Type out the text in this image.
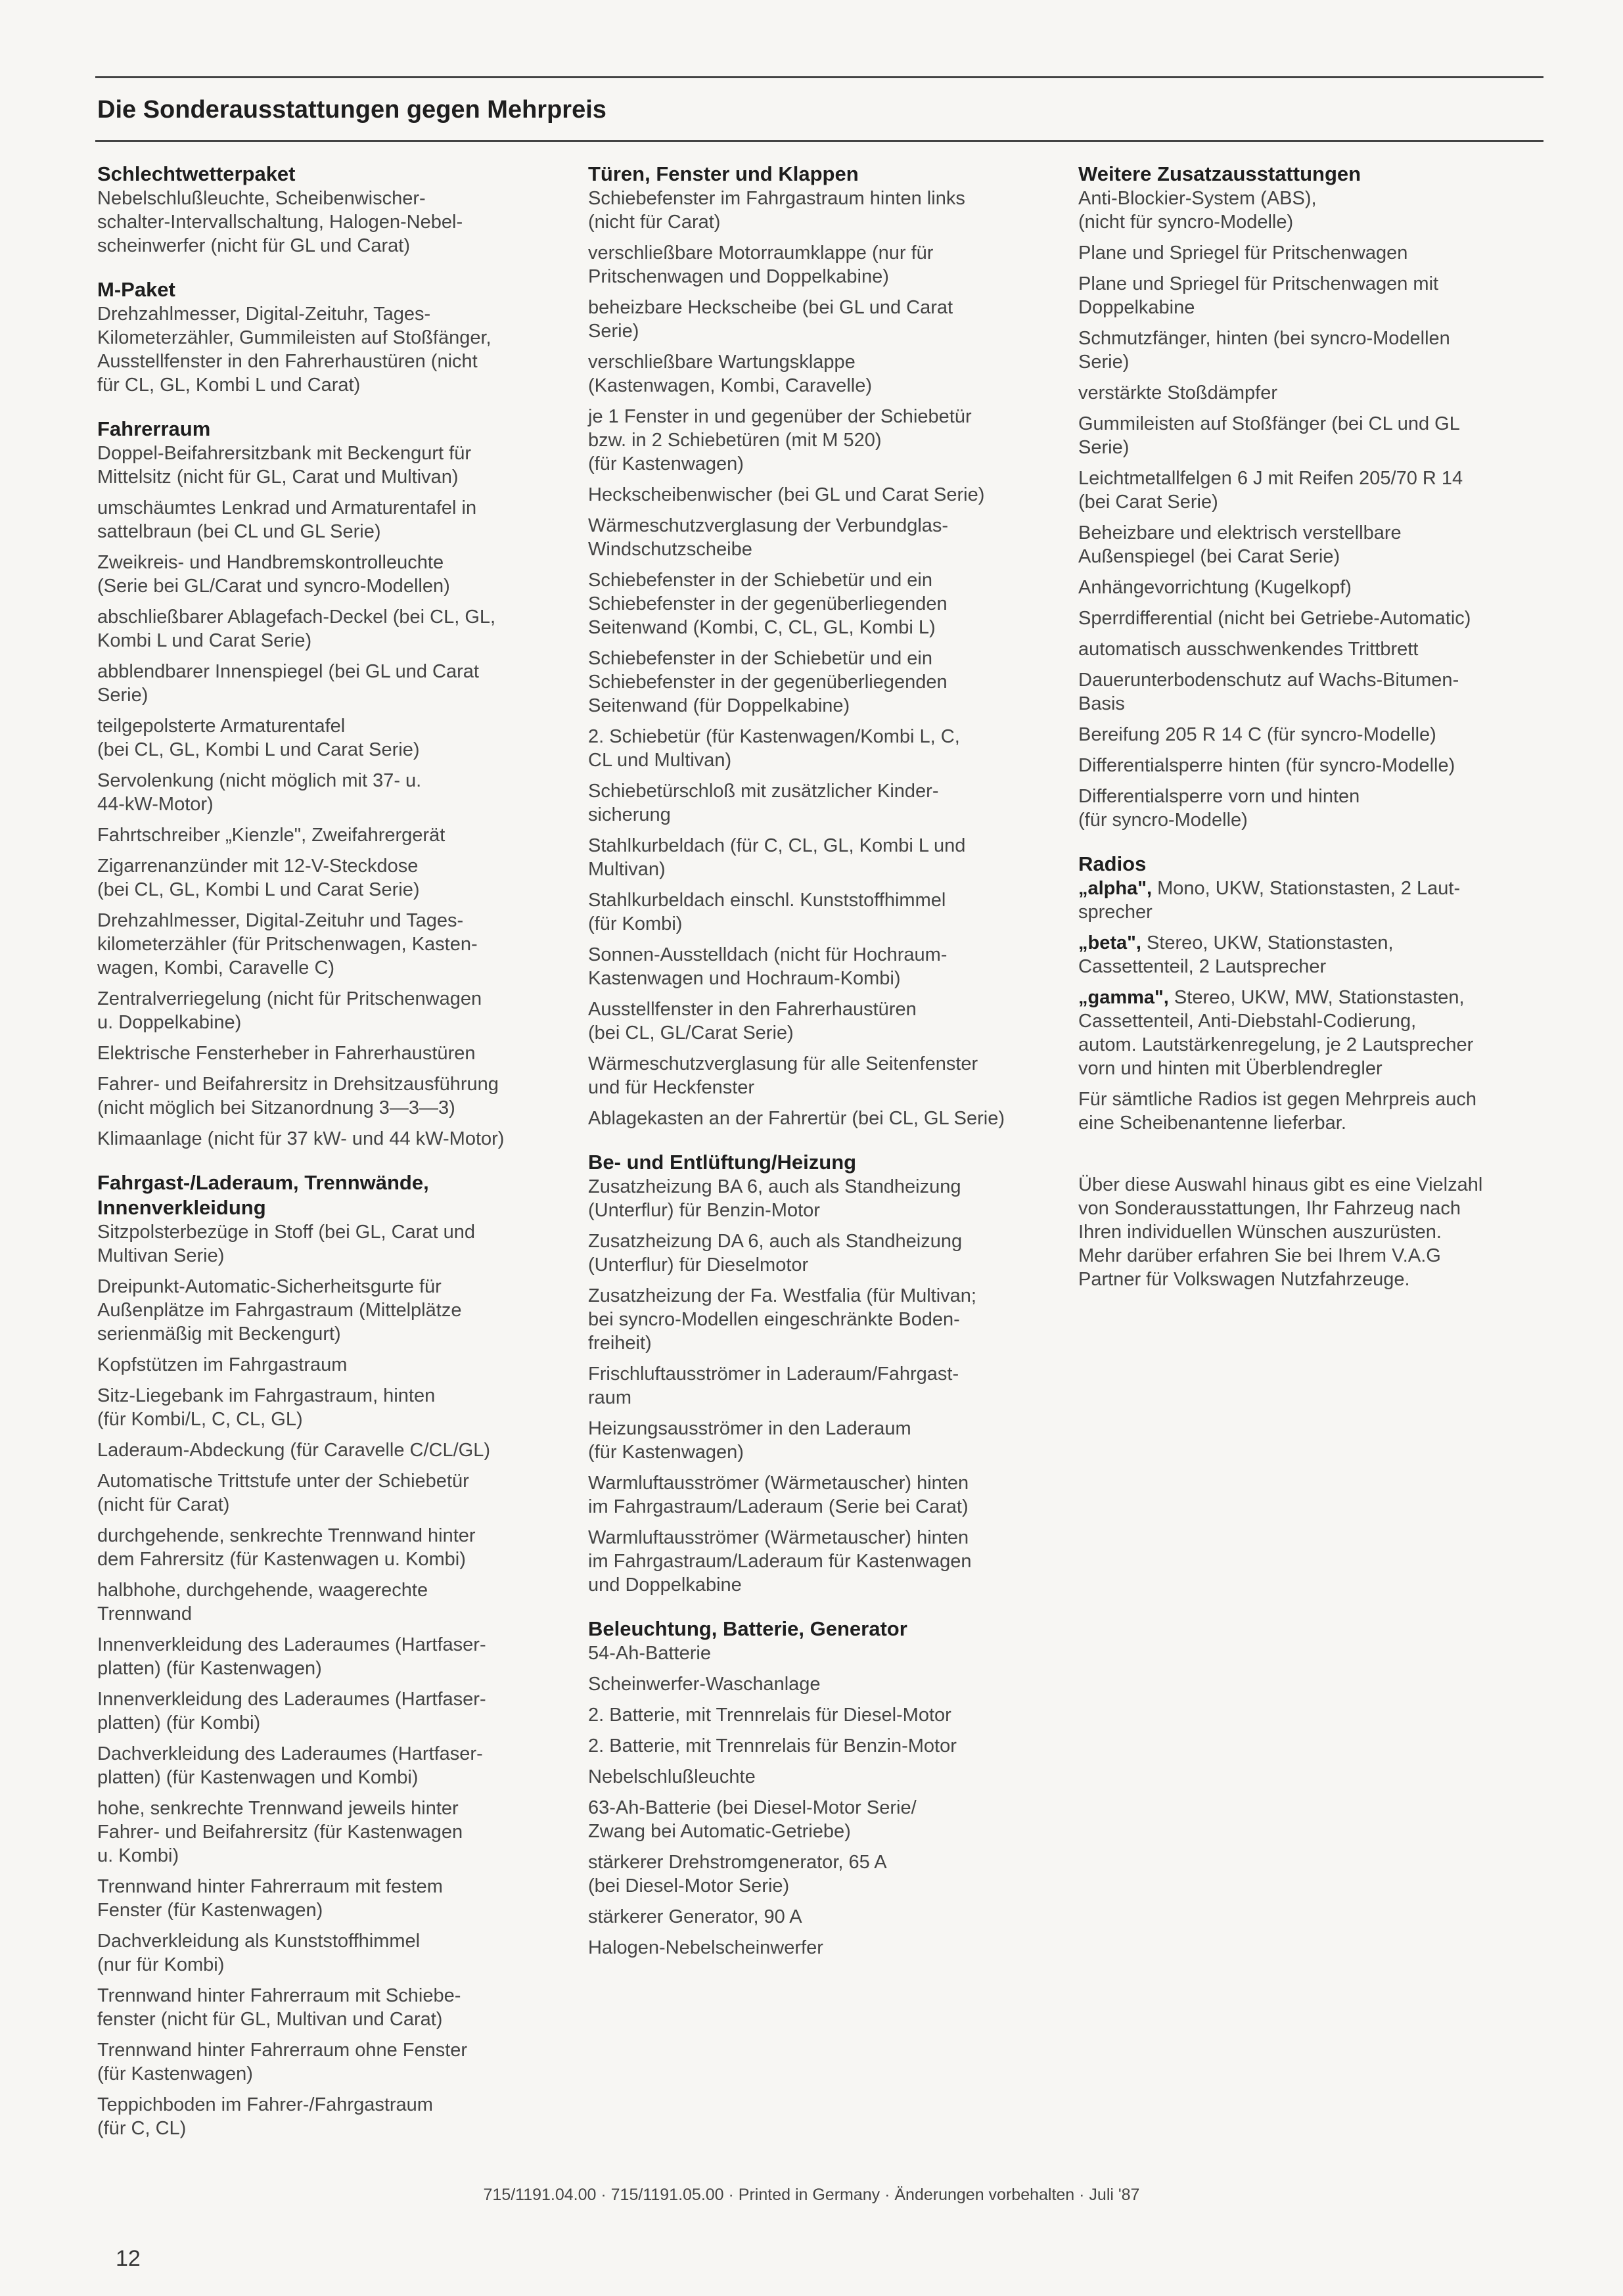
Die Sonderausstattungen gegen Mehrpreis
Schlechtwetterpaket

Nebelschlußleuchte, Scheibenwischer-
schalter-Intervallschaltung, Halogen-Nebel-
scheinwerfer (nicht für GL und Carat)

M-Paket

Drehzahlmesser, Digital-Zeituhr, Tages-
Kilometerzähler, Gummileisten auf Stoßfänger,
Ausstellfenster in den Fahrerhaustüren (nicht
für CL, GL, Kombi L und Carat)

Fahrerraum

Doppel-Beifahrersitzbank mit Beckengurt für
Mittelsitz (nicht für GL, Carat und Multivan)

umschäumtes Lenkrad und Armaturentafel in
sattelbraun (bei CL und GL Serie)

Zweikreis- und Handbremskontrolleuchte
(Serie bei GL/Carat und syncro-Modellen)

abschließbarer Ablagefach-Deckel (bei CL, GL,
Kombi L und Carat Serie)

abblendbarer Innenspiegel (bei GL und Carat
Serie)

teilgepolsterte Armaturentafel
(bei CL, GL, Kombi L und Carat Serie)

Servolenkung (nicht möglich mit 37- u.
44-kW-Motor)

Fahrtschreiber „Kienzle", Zweifahrergerät

Zigarrenanzünder mit 12-V-Steckdose
(bei CL, GL, Kombi L und Carat Serie)

Drehzahlmesser, Digital-Zeituhr und Tages-
kilometerzähler (für Pritschenwagen, Kasten-
wagen, Kombi, Caravelle C)

Zentralverriegelung (nicht für Pritschenwagen
u. Doppelkabine)

Elektrische Fensterheber in Fahrerhaustüren

Fahrer- und Beifahrersitz in Drehsitzausführung
(nicht möglich bei Sitzanordnung 3—3—3)

Klimaanlage (nicht für 37 kW- und 44 kW-Motor)

Fahrgast-/Laderaum, Trennwände,
Innenverkleidung

Sitzpolsterbezüge in Stoff (bei GL, Carat und
Multivan Serie)

Dreipunkt-Automatic-Sicherheitsgurte für
Außenplätze im Fahrgastraum (Mittelplätze
serienmäßig mit Beckengurt)

Kopfstützen im Fahrgastraum

Sitz-Liegebank im Fahrgastraum, hinten
(für Kombi/L, C, CL, GL)

Laderaum-Abdeckung (für Caravelle C/CL/GL)

Automatische Trittstufe unter der Schiebetür
(nicht für Carat)

durchgehende, senkrechte Trennwand hinter
dem Fahrersitz (für Kastenwagen u. Kombi)

halbhohe, durchgehende, waagerechte
Trennwand

Innenverkleidung des Laderaumes (Hartfaser-
platten) (für Kastenwagen)

Innenverkleidung des Laderaumes (Hartfaser-
platten) (für Kombi)

Dachverkleidung des Laderaumes (Hartfaser-
platten) (für Kastenwagen und Kombi)

hohe, senkrechte Trennwand jeweils hinter
Fahrer- und Beifahrersitz (für Kastenwagen
u. Kombi)

Trennwand hinter Fahrerraum mit festem
Fenster (für Kastenwagen)

Dachverkleidung als Kunststoffhimmel
(nur für Kombi)

Trennwand hinter Fahrerraum mit Schiebe-
fenster (nicht für GL, Multivan und Carat)

Trennwand hinter Fahrerraum ohne Fenster
(für Kastenwagen)

Teppichboden im Fahrer-/Fahrgastraum
(für C, CL)

Türen, Fenster und Klappen

Schiebefenster im Fahrgastraum hinten links
(nicht für Carat)

verschließbare Motorraumklappe (nur für
Pritschenwagen und Doppelkabine)

beheizbare Heckscheibe (bei GL und Carat
Serie)

verschließbare Wartungsklappe
(Kastenwagen, Kombi, Caravelle)

je 1 Fenster in und gegenüber der Schiebetür
bzw. in 2 Schiebetüren (mit M 520)
(für Kastenwagen)

Heckscheibenwischer (bei GL und Carat Serie)

Wärmeschutzverglasung der Verbundglas-
Windschutzscheibe

Schiebefenster in der Schiebetür und ein
Schiebefenster in der gegenüberliegenden
Seitenwand (Kombi, C, CL, GL, Kombi L)

Schiebefenster in der Schiebetür und ein
Schiebefenster in der gegenüberliegenden
Seitenwand (für Doppelkabine)

2. Schiebetür (für Kastenwagen/Kombi L, C,
CL und Multivan)

Schiebetürschloß mit zusätzlicher Kinder-
sicherung

Stahlkurbeldach (für C, CL, GL, Kombi L und
Multivan)

Stahlkurbeldach einschl. Kunststoffhimmel
(für Kombi)

Sonnen-Ausstelldach (nicht für Hochraum-
Kastenwagen und Hochraum-Kombi)

Ausstellfenster in den Fahrerhaustüren
(bei CL, GL/Carat Serie)

Wärmeschutzverglasung für alle Seitenfenster
und für Heckfenster

Ablagekasten an der Fahrertür (bei CL, GL Serie)

Be- und Entlüftung/Heizung

Zusatzheizung BA 6, auch als Standheizung
(Unterflur) für Benzin-Motor

Zusatzheizung DA 6, auch als Standheizung
(Unterflur) für Dieselmotor

Zusatzheizung der Fa. Westfalia (für Multivan;
bei syncro-Modellen eingeschränkte Boden-
freiheit)

Frischluftausströmer in Laderaum/Fahrgast-
raum

Heizungsausströmer in den Laderaum
(für Kastenwagen)

Warmluftausströmer (Wärmetauscher) hinten
im Fahrgastraum/Laderaum (Serie bei Carat)

Warmluftausströmer (Wärmetauscher) hinten
im Fahrgastraum/Laderaum für Kastenwagen
und Doppelkabine

Beleuchtung, Batterie, Generator

54-Ah-Batterie

Scheinwerfer-Waschanlage

2. Batterie, mit Trennrelais für Diesel-Motor

2. Batterie, mit Trennrelais für Benzin-Motor

Nebelschlußleuchte

63-Ah-Batterie (bei Diesel-Motor Serie/
Zwang bei Automatic-Getriebe)

stärkerer Drehstromgenerator, 65 A
(bei Diesel-Motor Serie)

stärkerer Generator, 90 A

Halogen-Nebelscheinwerfer

Weitere Zusatzausstattungen

Anti-Blockier-System (ABS),
(nicht für syncro-Modelle)

Plane und Spriegel für Pritschenwagen

Plane und Spriegel für Pritschenwagen mit
Doppelkabine

Schmutzfänger, hinten (bei syncro-Modellen
Serie)

verstärkte Stoßdämpfer

Gummileisten auf Stoßfänger (bei CL und GL
Serie)

Leichtmetallfelgen 6 J mit Reifen 205/70 R 14
(bei Carat Serie)

Beheizbare und elektrisch verstellbare
Außenspiegel (bei Carat Serie)

Anhängevorrichtung (Kugelkopf)

Sperrdifferential (nicht bei Getriebe-Automatic)

automatisch ausschwenkendes Trittbrett

Dauerunterbodenschutz auf Wachs-Bitumen-
Basis

Bereifung 205 R 14 C (für syncro-Modelle)

Differentialsperre hinten (für syncro-Modelle)

Differentialsperre vorn und hinten
(für syncro-Modelle)

Radios

„alpha", Mono, UKW, Stationstasten, 2 Laut-
sprecher

„beta", Stereo, UKW, Stationstasten,
Cassettenteil, 2 Lautsprecher

„gamma", Stereo, UKW, MW, Stationstasten,
Cassettenteil, Anti-Diebstahl-Codierung,
autom. Lautstärkenregelung, je 2 Lautsprecher
vorn und hinten mit Überblendregler

Für sämtliche Radios ist gegen Mehrpreis auch
eine Scheibenantenne lieferbar.

Über diese Auswahl hinaus gibt es eine Vielzahl
von Sonderausstattungen, Ihr Fahrzeug nach
Ihren individuellen Wünschen auszurüsten.
Mehr darüber erfahren Sie bei Ihrem V.A.G
Partner für Volkswagen Nutzfahrzeuge.

715/1191.04.00 · 715/1191.05.00 · Printed in Germany · Änderungen vorbehalten · Juli '87
12
